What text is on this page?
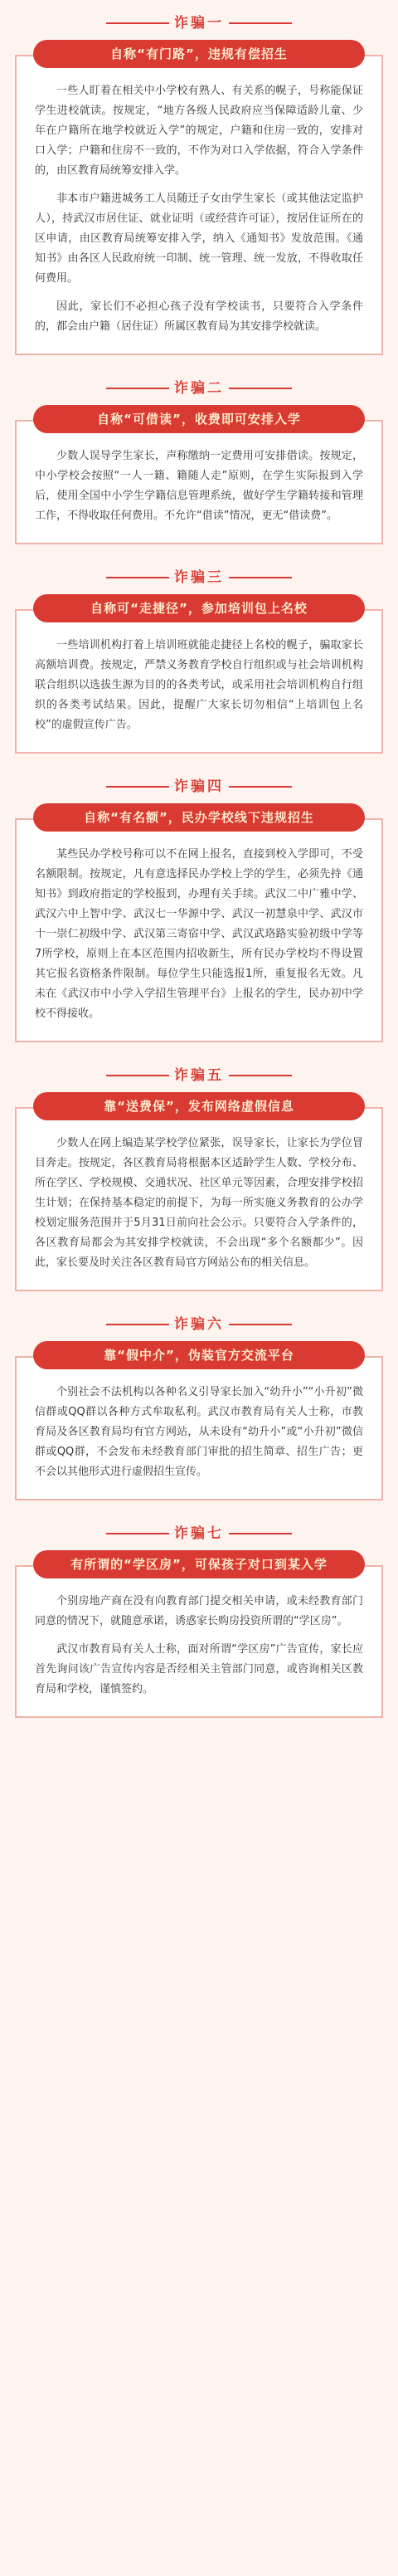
诈骗一
自称“有门路”，违规有偿招生

一些人盯着在相关中小学校有熟人、有关系的幌子，号称能保证学生进校就读。按规定，“地方各级人民政府应当保障适龄儿童、少年在户籍所在地学校就近入学”的规定，户籍和住房一致的，安排对口入学；户籍和住房不一致的，不作为对口入学依据，符合入学条件的，由区教育局统筹安排入学。

非本市户籍进城务工人员随迁子女由学生家长（或其他法定监护人），持武汉市居住证、就业证明（或经营许可证），按居住证所在的区申请，由区教育局统筹安排入学，纳入《通知书》发放范围。《通知书》由各区人民政府统一印制、统一管理、统一发放，不得收取任何费用。

因此，家长们不必担心孩子没有学校读书，只要符合入学条件的，都会由户籍（居住证）所属区教育局为其安排学校就读。

诈骗二
自称“可借读”，收费即可安排入学

少数人误导学生家长，声称缴纳一定费用可安排借读。按规定，中小学校会按照“一人一籍、籍随人走”原则，在学生实际报到入学后，使用全国中小学生学籍信息管理系统，做好学生学籍转接和管理工作，不得收取任何费用。不允许“借读”情况，更无“借读费”。

诈骗三
自称可“走捷径”，参加培训包上名校

一些培训机构打着上培训班就能走捷径上名校的幌子，骗取家长高额培训费。按规定，严禁义务教育学校自行组织或与社会培训机构联合组织以选拔生源为目的的各类考试，或采用社会培训机构自行组织的各类考试结果。因此，提醒广大家长切勿相信“上培训包上名校”的虚假宣传广告。

诈骗四
自称“有名额”，民办学校线下违规招生

某些民办学校号称可以不在网上报名，直接到校入学即可，不受名额限制。按规定，凡有意选择民办学校上学的学生，必须先持《通知书》到政府指定的学校报到，办理有关手续。武汉二中广雅中学、武汉六中上智中学、武汉七一华源中学、武汉一初慧泉中学、武汉市十一崇仁初级中学、武汉第三寄宿中学、武汉武珞路实验初级中学等7所学校，原则上在本区范围内招收新生，所有民办学校均不得设置其它报名资格条件限制。每位学生只能选报1所，重复报名无效。凡未在《武汉市中小学入学招生管理平台》上报名的学生，民办初中学校不得接收。

诈骗五
靠“送费保”，发布网络虚假信息

少数人在网上编造某学校学位紧张，误导家长，让家长为学位冒目奔走。按规定，各区教育局将根据本区适龄学生人数、学校分布、所在学区、学校规模、交通状况、社区单元等因素，合理安排学校招生计划；在保持基本稳定的前提下，为每一所实施义务教育的公办学校划定服务范围并于5月31日前向社会公示。只要符合入学条件的，各区教育局都会为其安排学校就读，不会出现“多个名额都少”。因此，家长要及时关注各区教育局官方网站公布的相关信息。

诈骗六
靠“假中介”，伪装官方交流平台

个别社会不法机构以各种名义引导家长加入“幼升小”“小升初”微信群或QQ群以各种方式牟取私利。武汉市教育局有关人士称，市教育局及各区教育局均有官方网站，从未设有“幼升小”或“小升初”微信群或QQ群，不会发布未经教育部门审批的招生简章、招生广告；更不会以其他形式进行虚假招生宣传。

诈骗七
有所谓的“学区房”，可保孩子对口到某入学

个别房地产商在没有向教育部门提交相关申请，或未经教育部门同意的情况下，就随意承诺，诱惑家长购房投资所谓的“学区房”。

武汉市教育局有关人士称，面对所谓“学区房”广告宣传，家长应首先询问该广告宣传内容是否经相关主管部门同意，或咨询相关区教育局和学校，谨慎签约。
